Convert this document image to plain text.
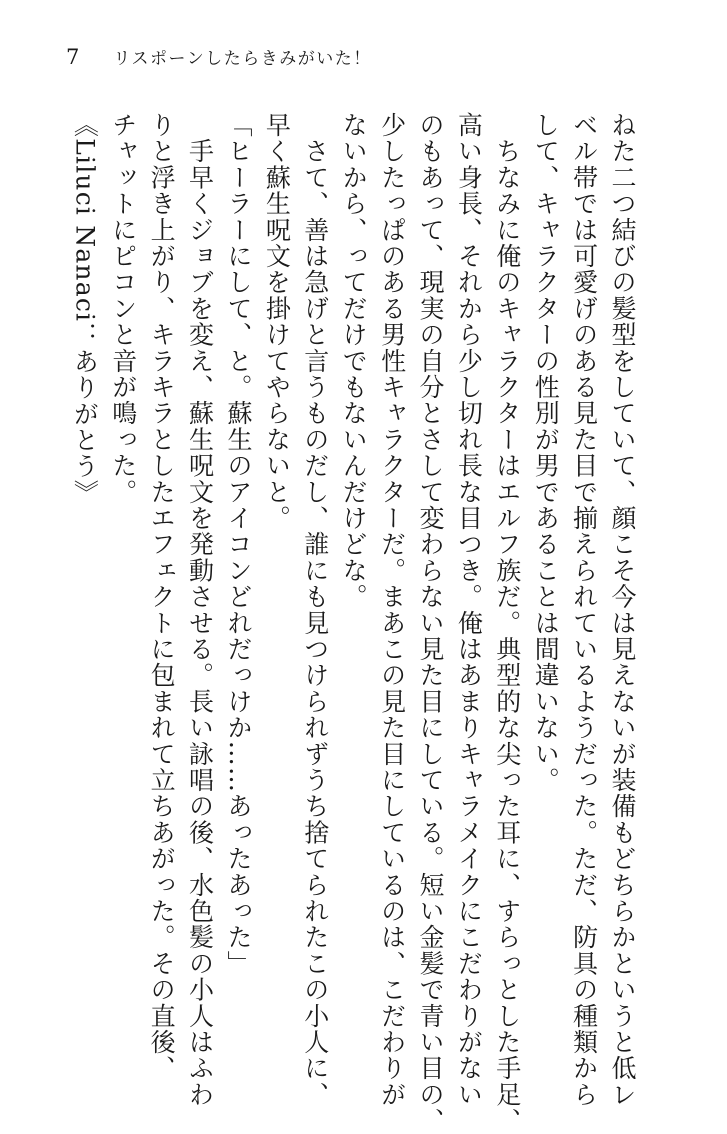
7 リスポーンしたらきみがいた！
ねた二つ結びの髪型をしていて、顔こそ今は見えないが装備もどちらかというと低レ
ベル帯では可愛げのある見た目で揃えられているようだった。ただ、防具の種類から
して、キャラクターの性別が男であることは間違いない。
　ちなみに俺のキャラクターはエルフ族だ。典型的な尖った耳に、すらっとした手足、
高い身長、それから少し切れ長な目つき。俺はあまりキャラメイクにこだわりがない
のもあって、現実の自分とさして変わらない見た目にしている。短い金髪で青い目の、
少したっぱのある男性キャラクターだ。まあこの見た目にしているのは、こだわりが
ないから、ってだけでもないんだけどな。
　さて、善は急げと言うものだし、誰にも見つけられずうち捨てられたこの小人に、
早く蘇生呪文を掛けてやらないと。
「ヒーラーにして、と。蘇生のアイコンどれだっけか……あったあった」
　手早くジョブを変え、蘇生呪文を発動させる。長い詠唱の後、水色髪の小人はふわ
りと浮き上がり、キラキラとしたエフェクトに包まれて立ちあがった。その直後、
チャットにピコンと音が鳴った。
《Liluci Nanaci：ありがとう》
